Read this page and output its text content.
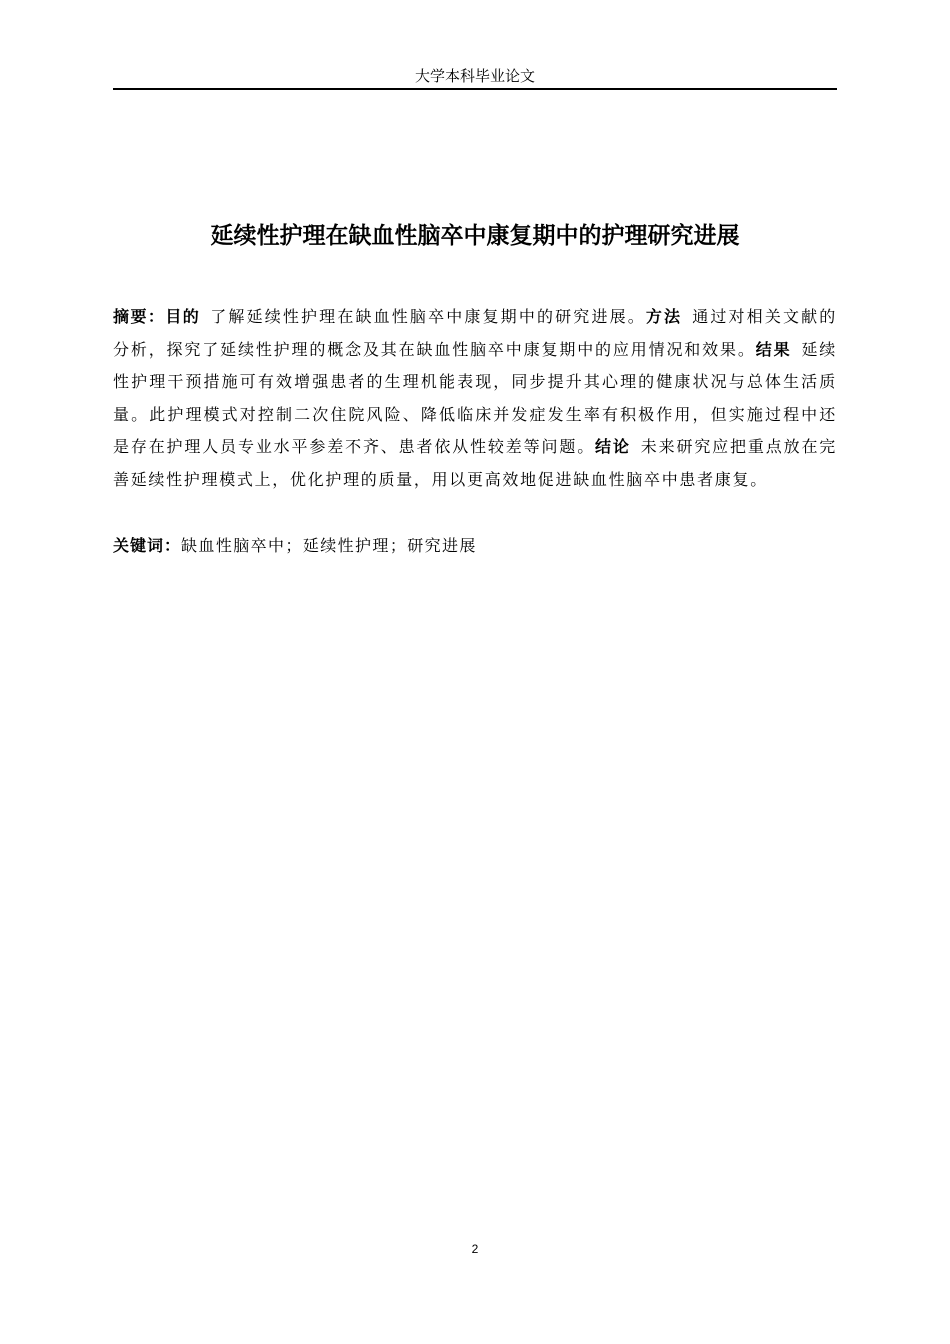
大学本科毕业论文
延续性护理在缺血性脑卒中康复期中的护理研究进展

摘要：目的 了解延续性护理在缺血性脑卒中康复期中的研究进展。方法 通过对相关文献的分析，探究了延续性护理的概念及其在缺血性脑卒中康复期中的应用情况和效果。结果 延续性护理干预措施可有效增强患者的生理机能表现，同步提升其心理的健康状况与总体生活质量。此护理模式对控制二次住院风险、降低临床并发症发生率有积极作用，但实施过程中还是存在护理人员专业水平参差不齐、患者依从性较差等问题。结论 未来研究应把重点放在完善延续性护理模式上，优化护理的质量，用以更高效地促进缺血性脑卒中患者康复。

关键词：缺血性脑卒中；延续性护理；研究进展

2
